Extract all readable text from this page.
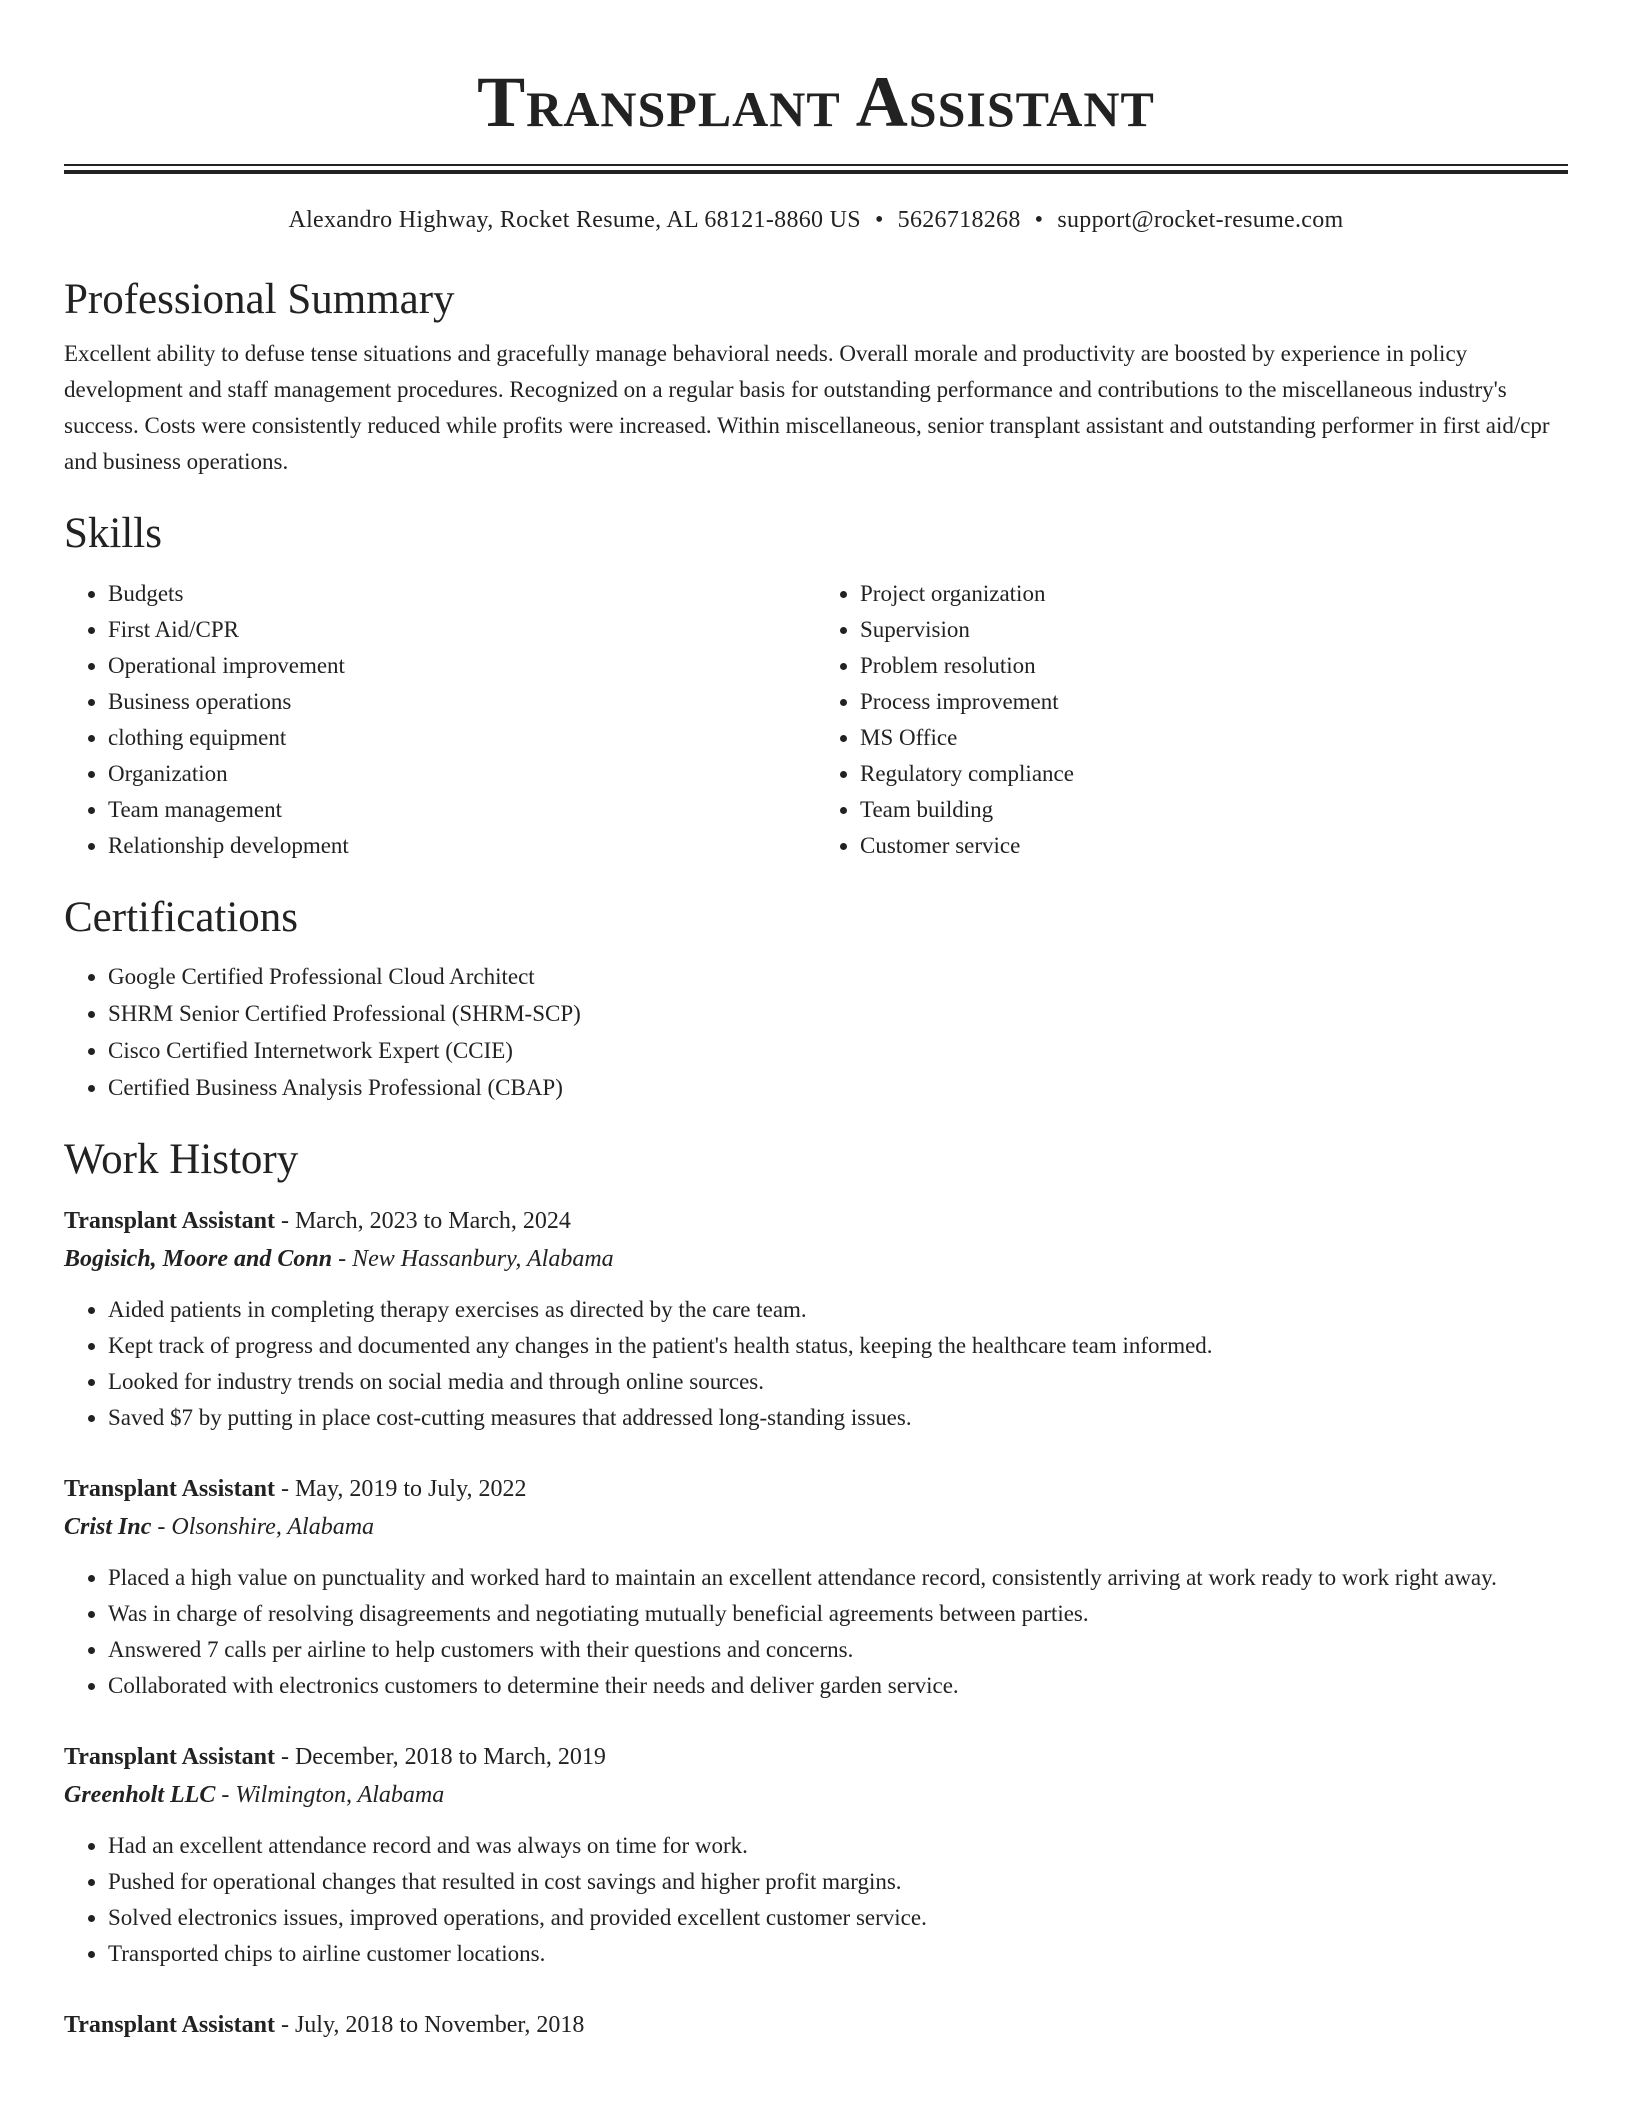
Transplant Assistant
Alexandro Highway, Rocket Resume, AL 68121-8860 US • 5626718268 • support@rocket-resume.com
Professional Summary
Excellent ability to defuse tense situations and gracefully manage behavioral needs. Overall morale and productivity are boosted by experience in policy development and staff management procedures. Recognized on a regular basis for outstanding performance and contributions to the miscellaneous industry's success. Costs were consistently reduced while profits were increased. Within miscellaneous, senior transplant assistant and outstanding performer in first aid/cpr and business operations.
Skills
• Budgets
• First Aid/CPR
• Operational improvement
• Business operations
• clothing equipment
• Organization
• Team management
• Relationship development
• Project organization
• Supervision
• Problem resolution
• Process improvement
• MS Office
• Regulatory compliance
• Team building
• Customer service
Certifications
• Google Certified Professional Cloud Architect
• SHRM Senior Certified Professional (SHRM-SCP)
• Cisco Certified Internetwork Expert (CCIE)
• Certified Business Analysis Professional (CBAP)
Work History
Transplant Assistant - March, 2023 to March, 2024
Bogisich, Moore and Conn - New Hassanbury, Alabama
• Aided patients in completing therapy exercises as directed by the care team.
• Kept track of progress and documented any changes in the patient's health status, keeping the healthcare team informed.
• Looked for industry trends on social media and through online sources.
• Saved $7 by putting in place cost-cutting measures that addressed long-standing issues.
Transplant Assistant - May, 2019 to July, 2022
Crist Inc - Olsonshire, Alabama
• Placed a high value on punctuality and worked hard to maintain an excellent attendance record, consistently arriving at work ready to work right away.
• Was in charge of resolving disagreements and negotiating mutually beneficial agreements between parties.
• Answered 7 calls per airline to help customers with their questions and concerns.
• Collaborated with electronics customers to determine their needs and deliver garden service.
Transplant Assistant - December, 2018 to March, 2019
Greenholt LLC - Wilmington, Alabama
• Had an excellent attendance record and was always on time for work.
• Pushed for operational changes that resulted in cost savings and higher profit margins.
• Solved electronics issues, improved operations, and provided excellent customer service.
• Transported chips to airline customer locations.
Transplant Assistant - July, 2018 to November, 2018
